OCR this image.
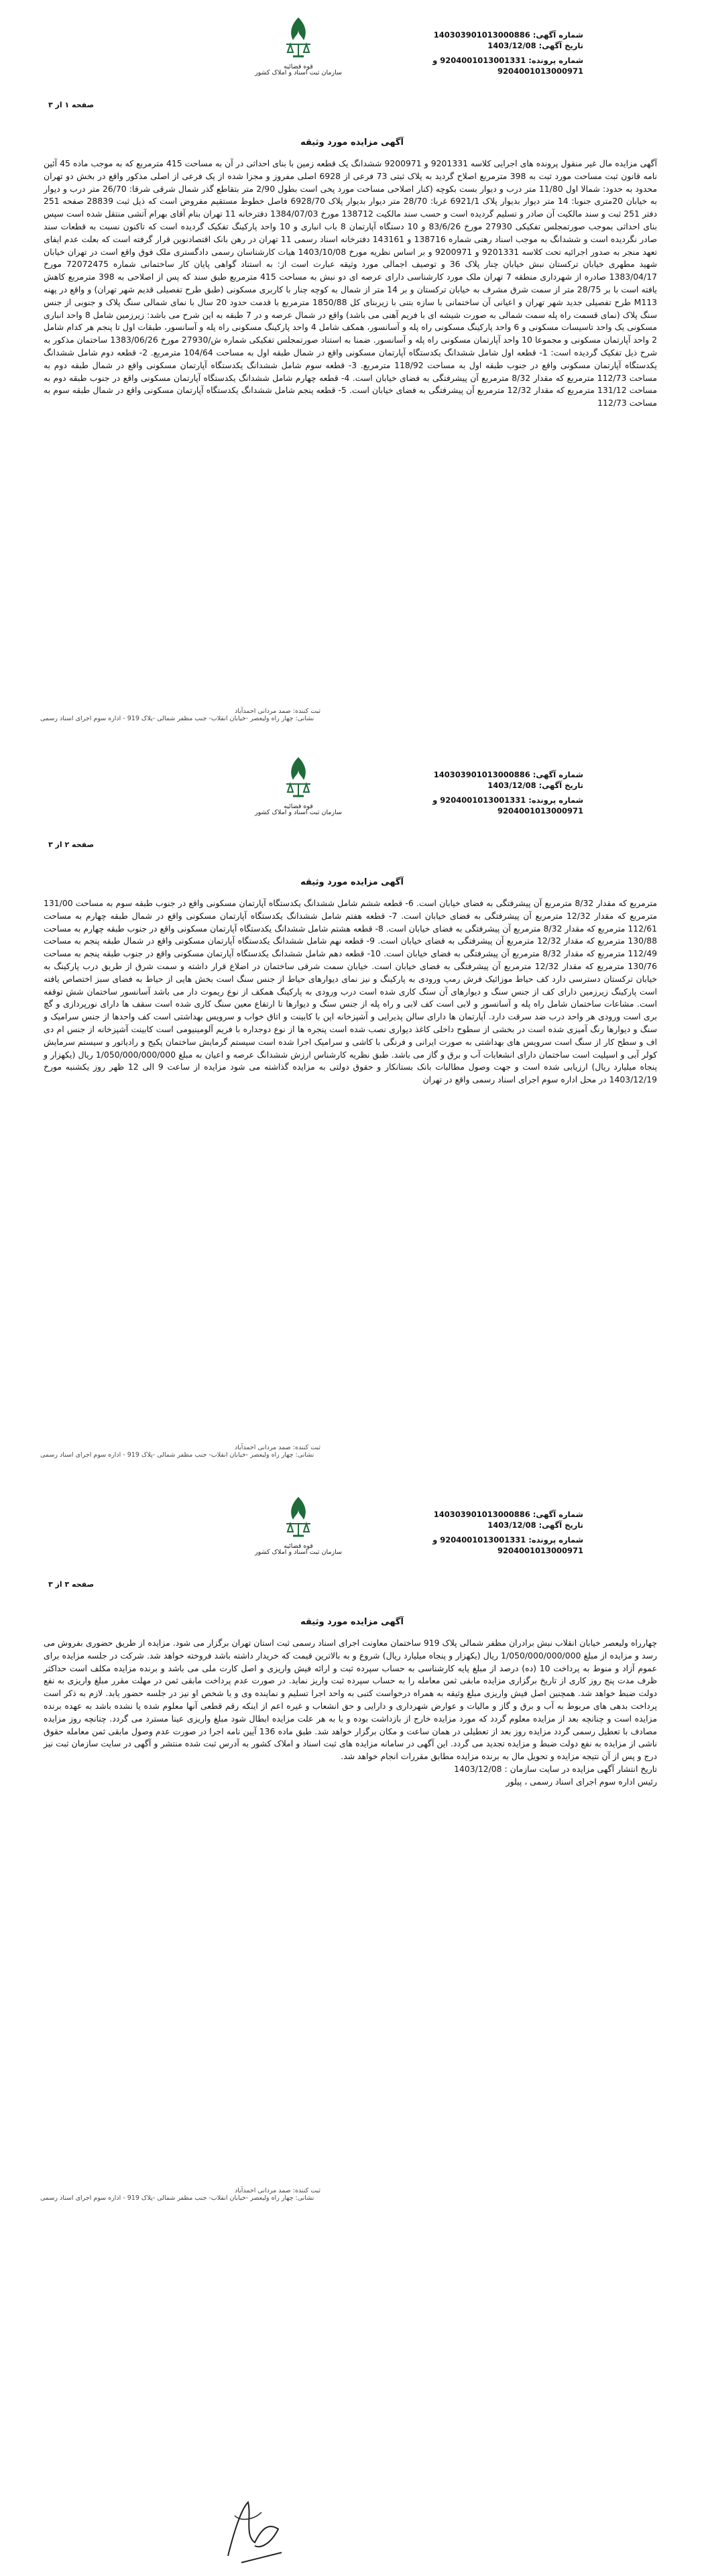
شماره آگهی: 140303901013000886
تاریخ آگهی: 1403/12/08
شماره پرونده: 9204001013001331 و
9204001013000971
قوه قضائیه
سازمان ثبت اسناد و املاک کشور
صفحه ۱ از ۳
آگهی مزایده مورد وثیقه
آگهی مزایده مال غیر منقول پرونده های اجرایی کلاسه 9201331 و 9200971 ششدانگ یک قطعه زمین با بنای احداثی در آن به مساحت 415 مترمربع که به موجب ماده 45 آئین نامه قانون ثبت مساحت مورد ثبت به 398 مترمربع اصلاح گردید به پلاک ثبتی 73 فرعی از 6928 اصلی مفروز و مجزا شده از یک فرعی از اصلی مذکور واقع در بخش دو تهران محدود به حدود: شمالا اول 11/80 متر درب و دیوار بست بکوچه (کنار اصلاحی مساحت مورد پخی است بطول 2/90 متر بتقاطع گذر شمال شرقی شرقا: 26/70 متر درب و دیوار به خیابان 20متری جنوبا: 14 متر دیوار بدیوار پلاک 6921/1 غربا: 28/70 متر دیوار بدیوار پلاک 6928/70 فاصل خطوط مستقیم مفروض است که ذیل ثبت 28839 صفحه 251 دفتر 251 ثبت و سند مالکیت آن صادر و تسلیم گردیده است و حسب سند مالکیت 138712 مورخ 1384/07/03 دفترخانه 11 تهران بنام آقای بهرام آتشی منتقل شده است سپس بنای احداثی بموجب صورتمجلس تفکیکی 27930 مورخ 83/6/26 و 10 دستگاه آپارتمان 8 باب انباری و 10 واحد پارکینگ تفکیک گردیده است که تاکنون نسبت به قطعات سند صادر نگردیده است و ششدانگ به موجب اسناد رهنی شماره 138716 و 143161 دفترخانه اسناد رسمی 11 تهران در رهن بانک اقتصادنوین قرار گرفته است که بعلت عدم ایفای تعهد منجر به صدور اجرائیه تحت کلاسه 9201331 و 9200971 و بر اساس نظریه مورخ 1403/10/08 هیات کارشناسان رسمی دادگستری ملک فوق واقع است در تهران خیابان شهید مطهری خیابان ترکستان نبش خیابان چنار پلاک 36 و توصیف اجمالی مورد وثیقه عبارت است از: به استناد گواهی پایان کار ساختمانی شماره 72072475 مورخ 1383/04/17 صادره از شهرداری منطقه 7 تهران ملک مورد کارشناسی دارای عرصه ای دو نبش به مساحت 415 مترمربع طبق سند که پس از اصلاحی به 398 مترمربع کاهش یافته است با بر 28/75 متر از سمت شرق مشرف به خیابان ترکستان و بر 14 متر از شمال به کوچه چنار با کاربری مسکونی (طبق طرح تفصیلی قدیم شهر تهران) و واقع در پهنه M113 طرح تفصیلی جدید شهر تهران و اعیانی آن ساختمانی با سازه بتنی با زیربنای کل 1850/88 مترمربع با قدمت حدود 20 سال با نمای شمالی سنگ پلاک و جنوبی از جنس سنگ پلاک (نمای قسمت راه پله سمت شمالی به صورت شیشه ای با فریم آهنی می باشد) واقع در شمال عرصه و در 7 طبقه به این شرح می باشد: زیرزمین شامل 8 واحد انباری مسکونی یک واحد تاسیسات مسکونی و 6 واحد پارکینگ مسکونی راه پله و آسانسور، همکف شامل 4 واحد پارکینگ مسکونی راه پله و آسانسور، طبقات اول تا پنجم هر کدام شامل 2 واحد آپارتمان مسکونی و مجموعا 10 واحد آپارتمان مسکونی راه پله و آسانسور. ضمنا به استناد صورتمجلس تفکیکی شماره ش/27930 مورخ 1383/06/26 ساختمان مذکور به شرح ذیل تفکیک گردیده است: 1- قطعه اول شامل ششدانگ یکدستگاه آپارتمان مسکونی واقع در شمال طبقه اول به مساحت 104/64 مترمربع. 2- قطعه دوم شامل ششدانگ یکدستگاه آپارتمان مسکونی واقع در جنوب طبقه اول به مساحت 118/92 مترمربع. 3- قطعه سوم شامل ششدانگ یکدستگاه آپارتمان مسکونی واقع در شمال طبقه دوم به مساحت 112/73 مترمربع که مقدار 8/32 مترمربع آن پیشرفتگی به فضای خیابان است. 4- قطعه چهارم شامل ششدانگ یکدستگاه آپارتمان مسکونی واقع در جنوب طبقه دوم به مساحت 131/12 مترمربع که مقدار 12/32 مترمربع آن پیشرفتگی به فضای خیابان است. 5- قطعه پنجم شامل ششدانگ یکدستگاه آپارتمان مسکونی واقع در شمال طبقه سوم به مساحت 112/73
ثبت کننده: صمد مردانی احمدآباد
نشانی: چهار راه ولیعصر -خیابان انقلاب- جنب مظفر شمالی -پلاک 919 - اداره سوم اجرای اسناد رسمی
شماره آگهی: 140303901013000886
تاریخ آگهی: 1403/12/08
شماره پرونده: 9204001013001331 و
9204001013000971
قوه قضائیه
سازمان ثبت اسناد و املاک کشور
صفحه ۲ از ۳
آگهی مزایده مورد وثیقه
مترمربع که مقدار 8/32 مترمربع آن پیشرفتگی به فضای خیابان است. 6- قطعه ششم شامل ششدانگ یکدستگاه آپارتمان مسکونی واقع در جنوب طبقه سوم به مساحت 131/00 مترمربع که مقدار 12/32 مترمربع آن پیشرفتگی به فضای خیابان است. 7- قطعه هفتم شامل ششدانگ یکدستگاه آپارتمان مسکونی واقع در شمال طبقه چهارم به مساحت 112/61 مترمربع که مقدار 8/32 مترمربع آن پیشرفتگی به فضای خیابان است. 8- قطعه هشتم شامل ششدانگ یکدستگاه آپارتمان مسکونی واقع در جنوب طبقه چهارم به مساحت 130/88 مترمربع که مقدار 12/32 مترمربع آن پیشرفتگی به فضای خیابان است. 9- قطعه نهم شامل ششدانگ یکدستگاه آپارتمان مسکونی واقع در شمال طبقه پنجم به مساحت 112/49 مترمربع که مقدار 8/32 مترمربع آن پیشرفتگی به فضای خیابان است. 10- قطعه دهم شامل ششدانگ یکدستگاه آپارتمان مسکونی واقع در جنوب طبقه پنجم به مساحت 130/76 مترمربع که مقدار 12/32 مترمربع آن پیشرفتگی به فضای خیابان است. خیابان سمت شرقی ساختمان در اضلاع قرار داشته و سمت شرق از طریق درب پارکینگ به خیابان ترکستان دسترسی دارد کف حیاط موزائیک فرش رمپ ورودی به پارکینگ و نیز نمای دیوارهای حیاط از جنس سنگ است بخش هایی از حیاط به فضای سبز اختصاص یافته است پارکینگ زیرزمین دارای کف از جنس سنگ و دیوارهای آن سنگ کاری شده است درب ورودی به پارکینگ همکف از نوع ریموت دار می باشد آسانسور ساختمان شش توقفه است. مشاعات ساختمان شامل راه پله و آسانسور و لابی است کف لابی و راه پله از جنس سنگ و دیوارها تا ارتفاع معین سنگ کاری شده است سقف ها دارای نورپردازی و گچ بری است ورودی هر واحد درب ضد سرقت دارد. آپارتمان ها دارای سالن پذیرایی و آشپزخانه اپن با کابینت و اتاق خواب و سرویس بهداشتی است کف واحدها از جنس سرامیک و سنگ و دیوارها رنگ آمیزی شده است در بخشی از سطوح داخلی کاغذ دیواری نصب شده است پنجره ها از نوع دوجداره با فریم آلومینیومی است کابینت آشپزخانه از جنس ام دی اف و سطح کار از سنگ است سرویس های بهداشتی به صورت ایرانی و فرنگی با کاشی و سرامیک اجرا شده است سیستم گرمایش ساختمان پکیج و رادیاتور و سیستم سرمایش کولر آبی و اسپلیت است ساختمان دارای انشعابات آب و برق و گاز می باشد. طبق نظریه کارشناس ارزش ششدانگ عرصه و اعیان به مبلغ 1/050/000/000/000 ریال (یکهزار و پنجاه میلیارد ریال) ارزیابی شده است و جهت وصول مطالبات بانک بستانکار و حقوق دولتی به مزایده گذاشته می شود مزایده از ساعت 9 الی 12 ظهر روز یکشنبه مورخ 1403/12/19 در محل اداره سوم اجرای اسناد رسمی واقع در تهران
ثبت کننده: صمد مردانی احمدآباد
نشانی: چهار راه ولیعصر -خیابان انقلاب- جنب مظفر شمالی -پلاک 919 - اداره سوم اجرای اسناد رسمی
شماره آگهی: 140303901013000886
تاریخ آگهی: 1403/12/08
شماره پرونده: 9204001013001331 و
9204001013000971
قوه قضائیه
سازمان ثبت اسناد و املاک کشور
صفحه ۳ از ۳
آگهی مزایده مورد وثیقه
چهارراه ولیعصر خیابان انقلاب نبش برادران مظفر شمالی پلاک 919 ساختمان معاونت اجرای اسناد رسمی ثبت استان تهران برگزار می شود. مزایده از طریق حضوری بفروش می رسد و مزایده از مبلغ 1/050/000/000/000 ریال (یکهزار و پنجاه میلیارد ریال) شروع و به بالاترین قیمت که خریدار داشته باشد فروخته خواهد شد. شرکت در جلسه مزایده برای عموم آزاد و منوط به پرداخت 10 (ده) درصد از مبلغ پایه کارشناسی به حساب سپرده ثبت و ارائه فیش واریزی و اصل کارت ملی می باشد و برنده مزایده مکلف است حداکثر ظرف مدت پنج روز کاری از تاریخ برگزاری مزایده مابقی ثمن معامله را به حساب سپرده ثبت واریز نماید. در صورت عدم پرداخت مابقی ثمن در مهلت مقرر مبلغ واریزی به نفع دولت ضبط خواهد شد. همچنین اصل فیش واریزی مبلغ وثیقه به همراه درخواست کتبی به واحد اجرا تسلیم و نماینده وی و یا شخص او نیز در جلسه حضور یابد. لازم به ذکر است پرداخت بدهی های مربوط به آب و برق و گاز و مالیات و عوارض شهرداری و دارایی و حق انشعاب و غیره اعم از اینکه رقم قطعی آنها معلوم شده یا نشده باشد به عهده برنده مزایده است و چنانچه بعد از مزایده معلوم گردد که مورد مزایده خارج از بازداشت بوده و یا به هر علت مزایده ابطال شود مبلغ واریزی عینا مسترد می گردد. چنانچه روز مزایده مصادف با تعطیل رسمی گردد مزایده روز بعد از تعطیلی در همان ساعت و مکان برگزار خواهد شد. طبق ماده 136 آیین نامه اجرا در صورت عدم وصول مابقی ثمن معامله حقوق ناشی از مزایده به نفع دولت ضبط و مزایده تجدید می گردد. این آگهی در سامانه مزایده های ثبت اسناد و املاک کشور به آدرس ثبت شده منتشر و آگهی در سایت سازمان ثبت نیز درج و پس از آن نتیجه مزایده و تحویل مال به برنده مزایده مطابق مقررات انجام خواهد شد.
تاریخ انتشار آگهی مزایده در سایت سازمان : 1403/12/08
رئیس اداره سوم اجرای اسناد رسمی ، پیلور
ثبت کننده: صمد مردانی احمدآباد
نشانی: چهار راه ولیعصر -خیابان انقلاب- جنب مظفر شمالی -پلاک 919 - اداره سوم اجرای اسناد رسمی
